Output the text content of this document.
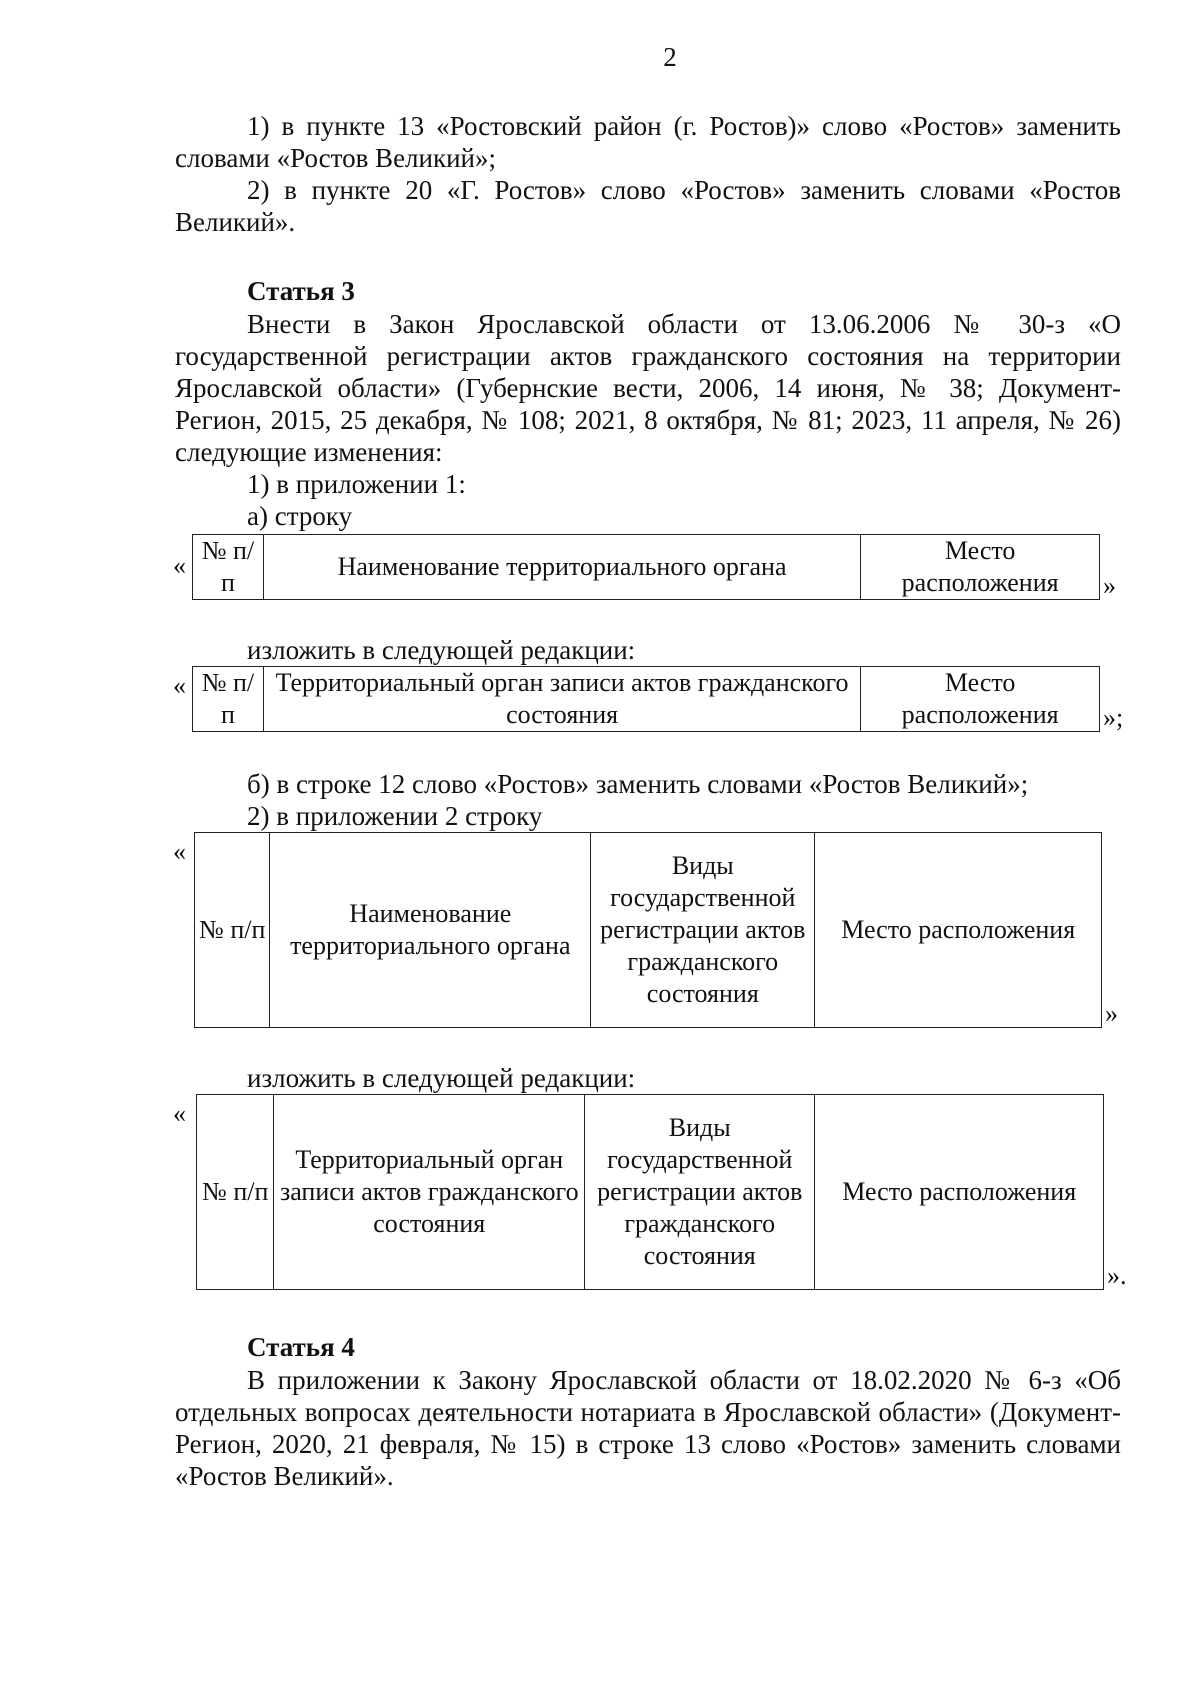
2

1) в пункте 13 «Ростовский район (г. Ростов)» слово «Ростов» заменить словами «Ростов Великий»;

2) в пункте 20 «Г. Ростов» слово «Ростов» заменить словами «Ростов Великий».

Статья 3

Внести в Закон Ярославской области от 13.06.2006 № 30-з «О государственной регистрации актов гражданского состояния на территории Ярославской области» (Губернские вести, 2006, 14 июня, № 38; Документ-Регион, 2015, 25 декабря, № 108; 2021, 8 октября, № 81; 2023, 11 апреля, № 26) следующие изменения:

1) в приложении 1:
а) строку
«
№ п/п	Наименование территориального органа	Место расположения »
изложить в следующей редакции:
« № п/п	Территориальный орган записи актов гражданского состояния	Место расположения »;
б) в строке 12 слово «Ростов» заменить словами «Ростов Великий»;
2) в приложении 2 строку
«
№ п/п	Наименование территориального органа	Виды государственной регистрации актов гражданского состояния	Место расположения
»
изложить в следующей редакции:
«
№ п/п	Территориальный орган записи актов гражданского состояния	Виды государственной регистрации актов гражданского состояния	Место расположения
».
Статья 4

В приложении к Закону Ярославской области от 18.02.2020 № 6-з «Об отдельных вопросах деятельности нотариата в Ярославской области» (Документ-Регион, 2020, 21 февраля, № 15) в строке 13 слово «Ростов» заменить словами «Ростов Великий».
